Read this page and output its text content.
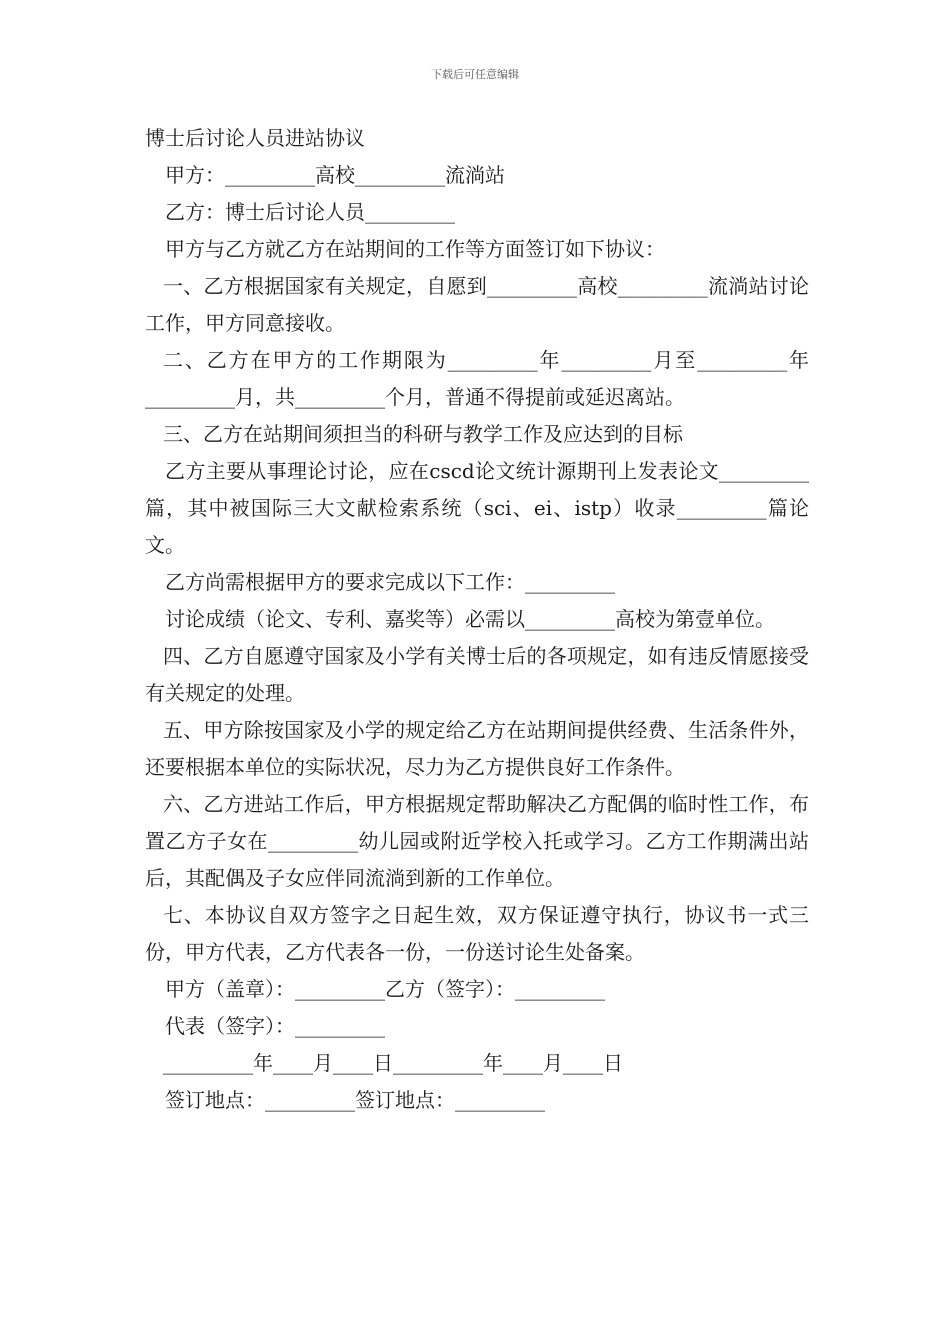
下载后可任意编辑

博士后讨论人员进站协议

甲方：_________高校_________流淌站

乙方：博士后讨论人员_________

甲方与乙方就乙方在站期间的工作等方面签订如下协议：

一、乙方根据国家有关规定，自愿到_________高校_________流淌站讨论工作，甲方同意接收。

二、乙方在甲方的工作期限为_________年_________月至_________年_________月，共_________个月，普通不得提前或延迟离站。

三、乙方在站期间须担当的科研与教学工作及应达到的目标

乙方主要从事理论讨论，应在cscd论文统计源期刊上发表论文_________篇，其中被国际三大文献检索系统（sci、ei、istp）收录_________篇论文。

乙方尚需根据甲方的要求完成以下工作：_________

讨论成绩（论文、专利、嘉奖等）必需以_________高校为第壹单位。

四、乙方自愿遵守国家及小学有关博士后的各项规定，如有违反情愿接受有关规定的处理。

五、甲方除按国家及小学的规定给乙方在站期间提供经费、生活条件外，还要根据本单位的实际状况，尽力为乙方提供良好工作条件。

六、乙方进站工作后，甲方根据规定帮助解决乙方配偶的临时性工作，布置乙方子女在_________幼儿园或附近学校入托或学习。乙方工作期满出站后，其配偶及子女应伴同流淌到新的工作单位。

七、本协议自双方签字之日起生效，双方保证遵守执行，协议书一式三份，甲方代表，乙方代表各一份，一份送讨论生处备案。

甲方（盖章）：_________乙方（签字）：_________

代表（签字）：_________

_________年____月____日_________年____月____日

签订地点：_________签订地点：_________
